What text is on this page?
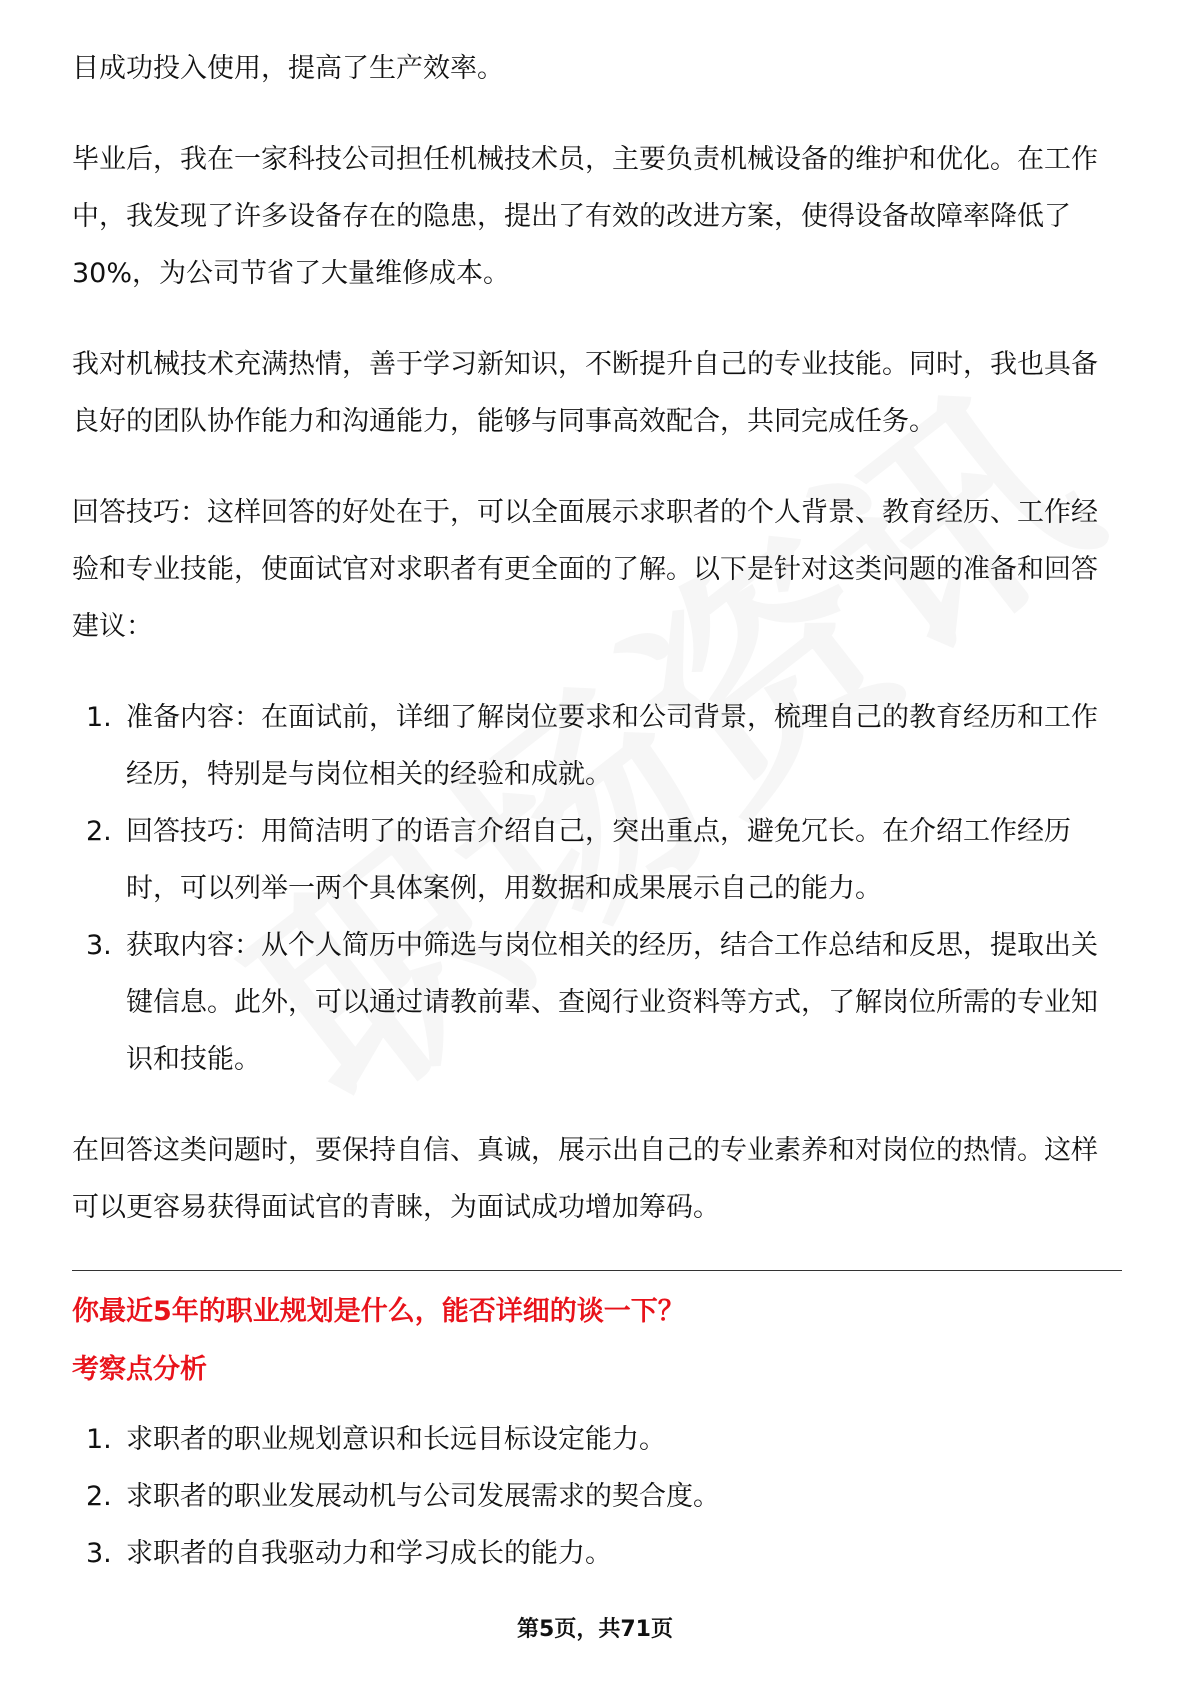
目成功投入使用，提高了生产效率。

毕业后，我在一家科技公司担任机械技术员，主要负责机械设备的维护和优化。在工作中，我发现了许多设备存在的隐患，提出了有效的改进方案，使得设备故障率降低了30%，为公司节省了大量维修成本。

我对机械技术充满热情，善于学习新知识，不断提升自己的专业技能。同时，我也具备良好的团队协作能力和沟通能力，能够与同事高效配合，共同完成任务。

回答技巧：这样回答的好处在于，可以全面展示求职者的个人背景、教育经历、工作经验和专业技能，使面试官对求职者有更全面的了解。以下是针对这类问题的准备和回答建议：

1. 准备内容：在面试前，详细了解岗位要求和公司背景，梳理自己的教育经历和工作经历，特别是与岗位相关的经验和成就。
2. 回答技巧：用简洁明了的语言介绍自己，突出重点，避免冗长。在介绍工作经历时，可以列举一两个具体案例，用数据和成果展示自己的能力。
3. 获取内容：从个人简历中筛选与岗位相关的经历，结合工作总结和反思，提取出关键信息。此外，可以通过请教前辈、查阅行业资料等方式，了解岗位所需的专业知识和技能。

在回答这类问题时，要保持自信、真诚，展示出自己的专业素养和对岗位的热情。这样可以更容易获得面试官的青睐，为面试成功增加筹码。

你最近5年的职业规划是什么，能否详细的谈一下？
考察点分析
1. 求职者的职业规划意识和长远目标设定能力。
2. 求职者的职业发展动机与公司发展需求的契合度。
3. 求职者的自我驱动力和学习成长的能力。
第5页，共71页
